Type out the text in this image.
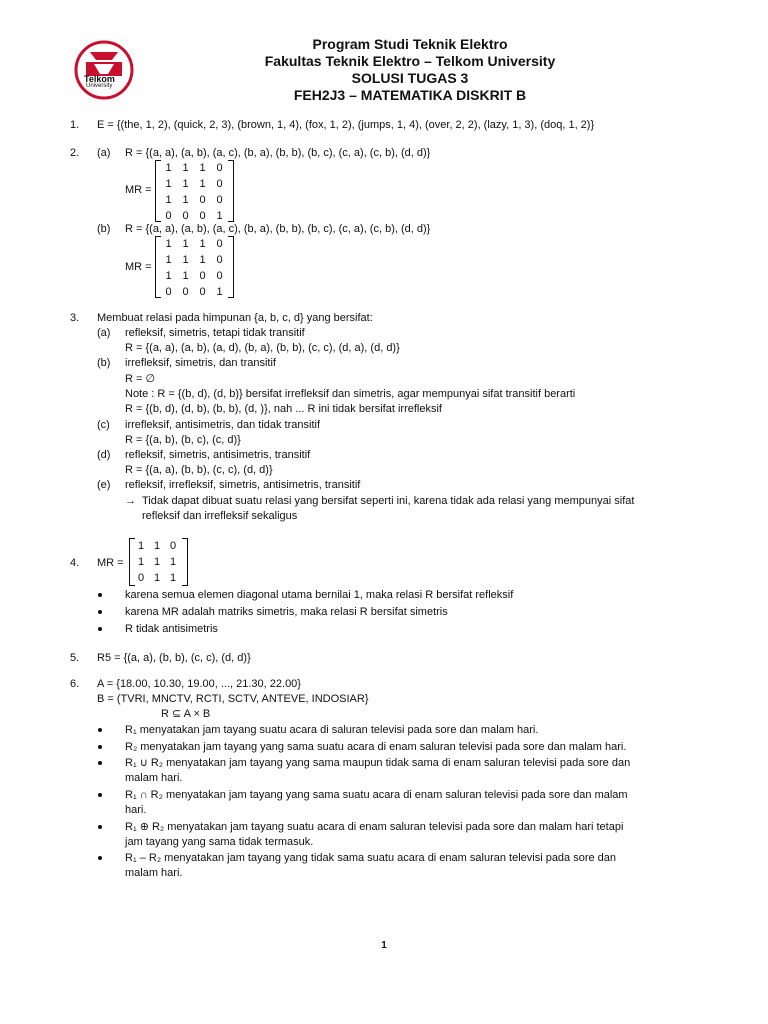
Telkom
University
Program Studi Teknik Elektro
Fakultas Teknik Elektro – Telkom University
SOLUSI TUGAS 3
FEH2J3 – MATEMATIKA DISKRIT B
1. E = {(the, 1, 2), (quick, 2, 3), (brown, 1, 4), (fox, 1, 2), (jumps, 1, 4), (over, 2, 2), (lazy, 1, 3), (doq, 1, 2)}
2. (a) R = {(a, a), (a, b), (a, c), (b, a), (b, b), (b, c), (c, a), (c, b), (d, d)}
MR =
1 1 1 0
1 1 1 0
1 1 0 0
0 0 0 1
(b) R = {(a, a), (a, b), (a, c), (b, a), (b, b), (b, c), (c, a), (c, b), (d, d)}
MR =
1 1 1 0
1 1 1 0
1 1 0 0
0 0 0 1
3. Membuat relasi pada himpunan {a, b, c, d} yang bersifat:
(a) refleksif, simetris, tetapi tidak transitif
R = {(a, a), (a, b), (a, d), (b, a), (b, b), (c, c), (d, a), (d, d)}
(b) irrefleksif, simetris, dan transitif
R = ∅
Note : R = {(b, d), (d, b)} bersifat irrefleksif dan simetris, agar mempunyai sifat transitif berarti
R = {(b, d), (d, b), (b, b), (d, )}, nah ... R ini tidak bersifat irrefleksif
(c) irrefleksif, antisimetris, dan tidak transitif
R = {(a, b), (b, c), (c, d)}
(d) refleksif, simetris, antisimetris, transitif
R = {(a, a), (b, b), (c, c), (d, d)}
(e) refleksif, irrefleksif, simetris, antisimetris, transitif
→ Tidak dapat dibuat suatu relasi yang bersifat seperti ini, karena tidak ada relasi yang mempunyai sifat
refleksif dan irrefleksif sekaligus
4. MR =
1 1 0
1 1 1
0 1 1
karena semua elemen diagonal utama bernilai 1, maka relasi R bersifat refleksif
karena MR adalah matriks simetris, maka relasi R bersifat simetris
R tidak antisimetris
5. R5 = {(a, a), (b, b), (c, c), (d, d)}
6. A = {18.00, 10.30, 19.00, ..., 21.30, 22.00}
B = (TVRI, MNCTV, RCTI, SCTV, ANTEVE, INDOSIAR}
R ⊆ A × B
R₁ menyatakan jam tayang suatu acara di saluran televisi pada sore dan malam hari.
R₂ menyatakan jam tayang yang sama suatu acara di enam saluran televisi pada sore dan malam hari.
R₁ ∪ R₂ menyatakan jam tayang yang sama maupun tidak sama di enam saluran televisi pada sore dan
malam hari.
R₁ ∩ R₂ menyatakan jam tayang yang sama suatu acara di enam saluran televisi pada sore dan malam
hari.
R₁ ⊕ R₂ menyatakan jam tayang suatu acara di enam saluran televisi pada sore dan malam hari tetapi
jam tayang yang sama tidak termasuk.
R₁ – R₂ menyatakan jam tayang yang tidak sama suatu acara di enam saluran televisi pada sore dan
malam hari.
1
